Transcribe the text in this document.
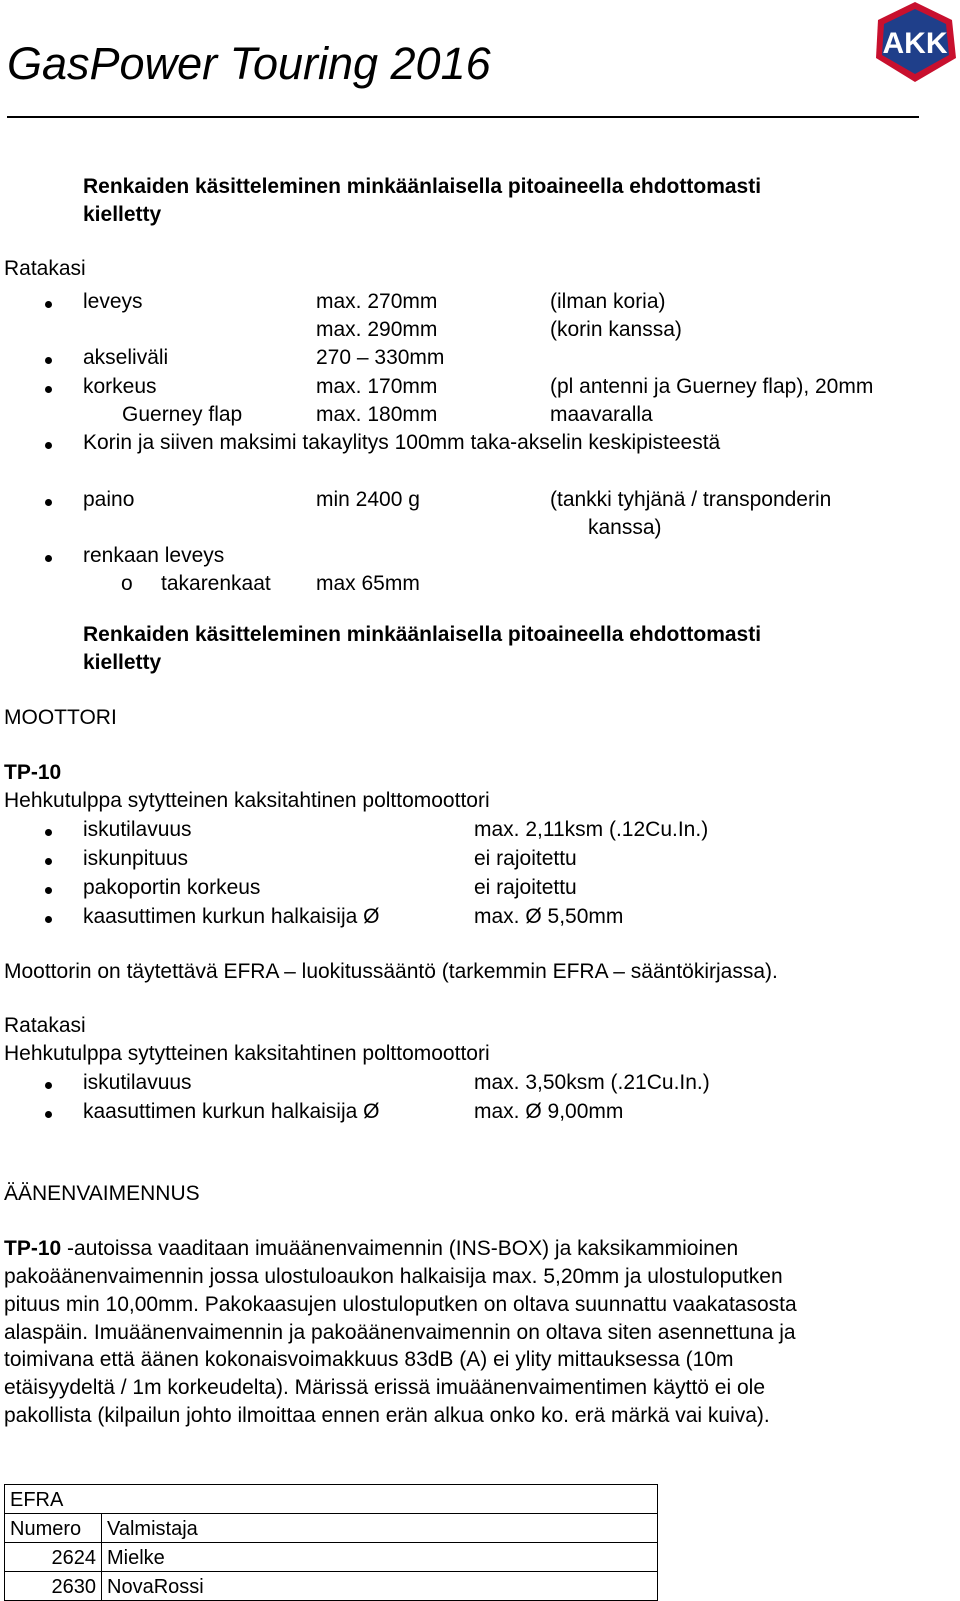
GasPower Touring 2016	AKK
Renkaiden käsitteleminen minkäänlaisella pitoaineella ehdottomasti
kielletty
Ratakasi
leveys	max. 270mm	(ilman koria)
max. 290mm	(korin kanssa)
akseliväli	270 – 330mm
korkeus	max. 170mm	(pl antenni ja Guerney flap), 20mm
Guerney flap	max. 180mm	maavaralla
Korin ja siiven maksimi takaylitys 100mm taka-akselin keskipisteestä
paino	min 2400 g	(tankki tyhjänä / transponderin
kanssa)
renkaan leveys
o takarenkaat max 65mm
Renkaiden käsitteleminen minkäänlaisella pitoaineella ehdottomasti
kielletty
MOOTTORI
TP-10
Hehkutulppa sytytteinen kaksitahtinen polttomoottori
iskutilavuus	max. 2,11ksm (.12Cu.In.)
iskunpituus	ei rajoitettu
pakoportin korkeus	ei rajoitettu
kaasuttimen kurkun halkaisija Ø	max. Ø 5,50mm
Moottorin on täytettävä EFRA – luokitussääntö (tarkemmin EFRA – sääntökirjassa).
Ratakasi
Hehkutulppa sytytteinen kaksitahtinen polttomoottori
iskutilavuus	max. 3,50ksm (.21Cu.In.)
kaasuttimen kurkun halkaisija Ø	max. Ø 9,00mm
ÄÄNENVAIMENNUS
TP-10 -autoissa vaaditaan imuäänenvaimennin (INS-BOX) ja kaksikammioinen
pakoäänenvaimennin jossa ulostuloaukon halkaisija max. 5,20mm ja ulostuloputken
pituus min 10,00mm. Pakokaasujen ulostuloputken on oltava suunnattu vaakatasosta
alaspäin. Imuäänenvaimennin ja pakoäänenvaimennin on oltava siten asennettuna ja
toimivana että äänen kokonaisvoimakkuus 83dB (A) ei ylity mittauksessa (10m
etäisyydeltä / 1m korkeudelta). Märissä erissä imuäänenvaimentimen käyttö ei ole
pakollista (kilpailun johto ilmoittaa ennen erän alkua onko ko. erä märkä vai kuiva).
EFRA	
Numero	Valmistaja
2624	Mielke
2630	NovaRossi
